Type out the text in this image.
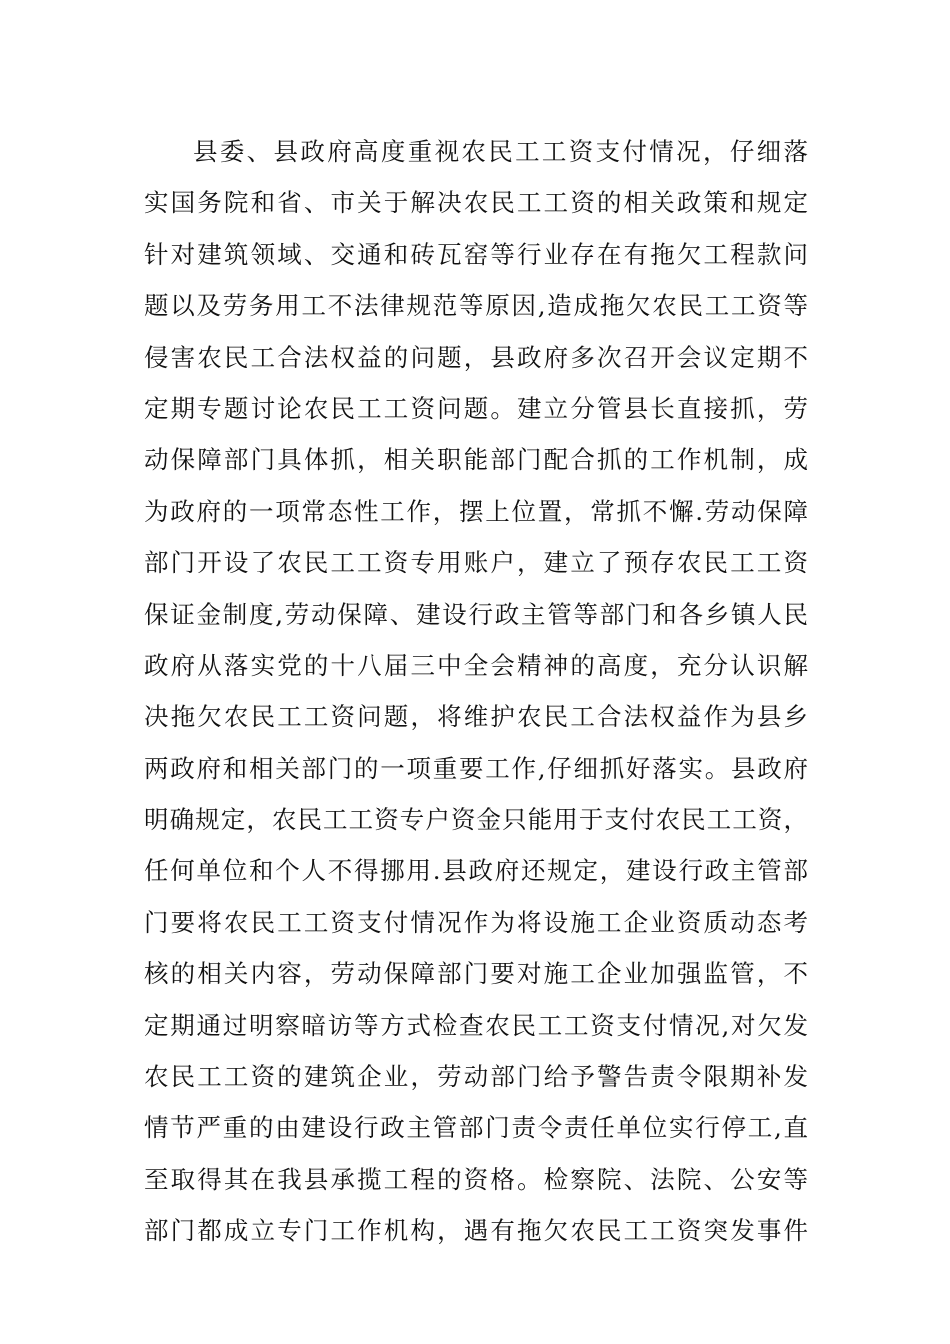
县委、县政府高度重视农民工工资支付情况，仔细落
实国务院和省、市关于解决农民工工资的相关政策和规定
针对建筑领域、交通和砖瓦窑等行业存在有拖欠工程款问
题以及劳务用工不法律规范等原因,造成拖欠农民工工资等
侵害农民工合法权益的问题，县政府多次召开会议定期不
定期专题讨论农民工工资问题。建立分管县长直接抓，劳
动保障部门具体抓，相关职能部门配合抓的工作机制，成
为政府的一项常态性工作，摆上位置，常抓不懈.劳动保障
部门开设了农民工工资专用账户，建立了预存农民工工资
保证金制度,劳动保障、建设行政主管等部门和各乡镇人民
政府从落实党的十八届三中全会精神的高度，充分认识解
决拖欠农民工工资问题，将维护农民工合法权益作为县乡
两政府和相关部门的一项重要工作,仔细抓好落实。县政府
明确规定，农民工工资专户资金只能用于支付农民工工资，
任何单位和个人不得挪用.县政府还规定，建设行政主管部
门要将农民工工资支付情况作为将设施工企业资质动态考
核的相关内容，劳动保障部门要对施工企业加强监管，不
定期通过明察暗访等方式检查农民工工资支付情况,对欠发
农民工工资的建筑企业，劳动部门给予警告责令限期补发
情节严重的由建设行政主管部门责令责任单位实行停工,直
至取得其在我县承揽工程的资格。检察院、法院、公安等
部门都成立专门工作机构，遇有拖欠农民工工资突发事件
